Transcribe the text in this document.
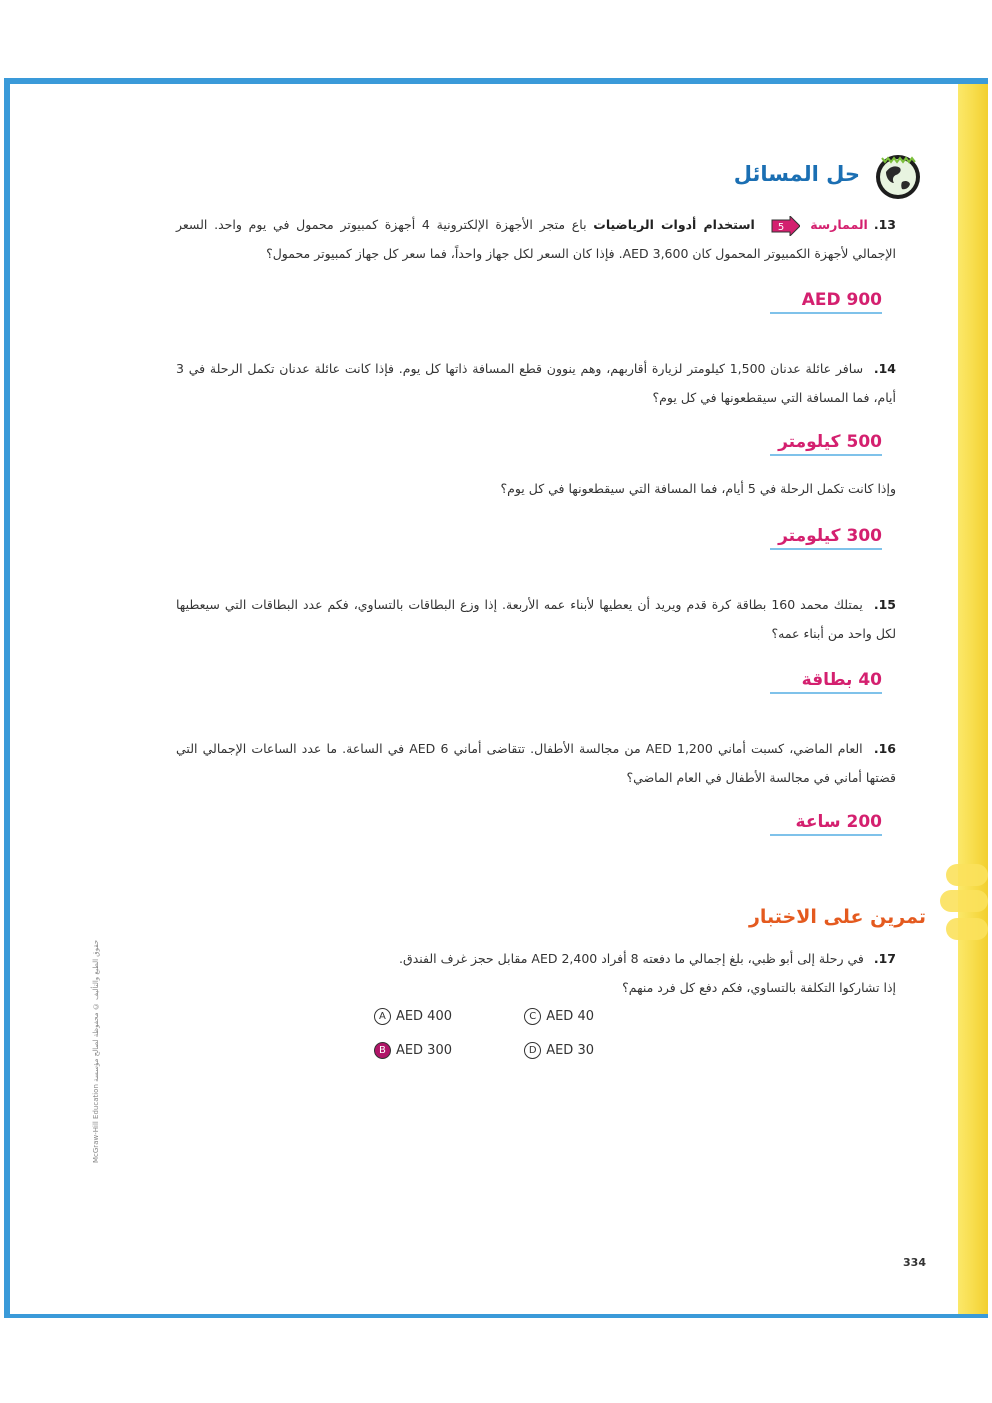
حل المسائل
13.الممارسة
5
استخدام أدوات الرياضيات باع متجر الأجهزة الإلكترونية 4 أجهزة كمبيوتر محمول في يوم واحد. السعر الإجمالي لأجهزة الكمبيوتر المحمول كان AED 3,600. فإذا كان السعر لكل جهاز واحداً، فما سعر كل جهاز كمبيوتر محمول؟
AED 900
14. سافر عائلة عدنان 1,500 كيلومتر لزيارة أقاربهم، وهم ينوون قطع المسافة ذاتها كل يوم. فإذا كانت عائلة عدنان تكمل الرحلة في 3 أيام، فما المسافة التي سيقطعونها في كل يوم؟
500 كيلومتر
وإذا كانت تكمل الرحلة في 5 أيام، فما المسافة التي سيقطعونها في كل يوم؟
300 كيلومتر
15. يمتلك محمد 160 بطاقة كرة قدم ويريد أن يعطيها لأبناء عمه الأربعة. إذا وزع البطاقات بالتساوي، فكم عدد البطاقات التي سيعطيها لكل واحد من أبناء عمه؟
40 بطاقة
16. العام الماضي، كسبت أماني AED 1,200 من مجالسة الأطفال. تتقاضى أماني AED 6 في الساعة. ما عدد الساعات الإجمالي التي قضتها أماني في مجالسة الأطفال في العام الماضي؟
200 ساعة
تمرين على الاختبار
17. في رحلة إلى أبو ظبي، بلغ إجمالي ما دفعته 8 أفراد AED 2,400 مقابل حجز غرف الفندق.
إذا تشاركوا التكلفة بالتساوي، فكم دفع كل فرد منهم؟
A AED 400	C AED 40
B AED 300	D AED 30
حقوق الطبع والتأليف © محفوظة لصالح مؤسسة McGraw-Hill Education
334
